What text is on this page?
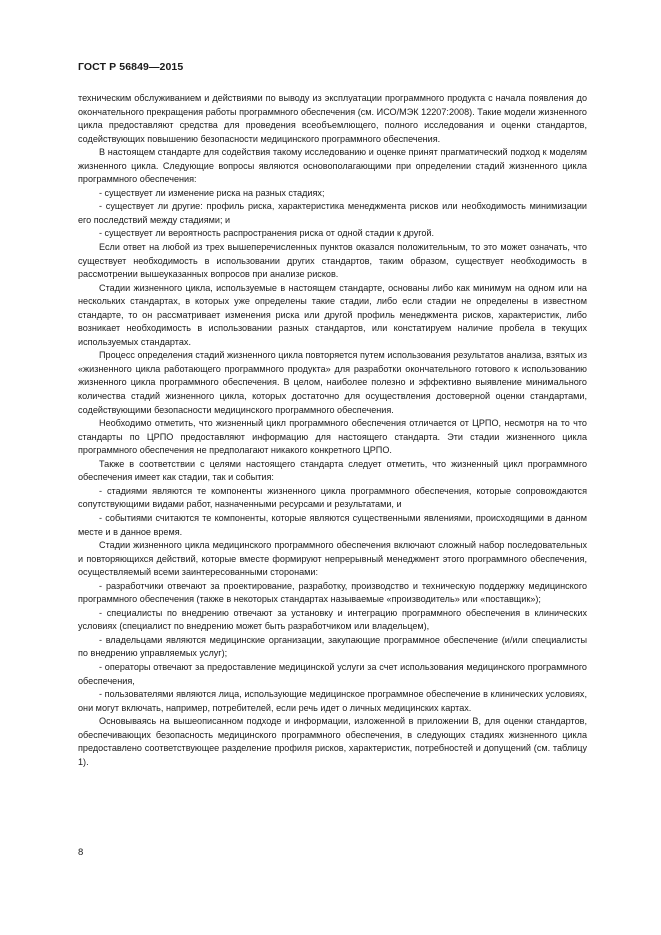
ГОСТ Р 56849—2015

техническим обслуживанием и действиями по выводу из эксплуатации программного продукта с начала появления до окончательного прекращения работы программного обеспечения (см. ИСО/МЭК 12207:2008). Такие модели жизненного цикла предоставляют средства для проведения всеобъемлющего, полного исследования и оценки стандартов, содействующих повышению безопасности медицинского программного обеспечения.

В настоящем стандарте для содействия такому исследованию и оценке принят прагматический подход к моделям жизненного цикла. Следующие вопросы являются основополагающими при определении стадий жизненного цикла программного обеспечения:

- существует ли изменение риска на разных стадиях;

- существует ли другие: профиль риска, характеристика менеджмента рисков или необходимость минимизации его последствий между стадиями; и

- существует ли вероятность распространения риска от одной стадии к другой.

Если ответ на любой из трех вышеперечисленных пунктов оказался положительным, то это может означать, что существует необходимость в использовании других стандартов, таким образом, существует необходимость в рассмотрении вышеуказанных вопросов при анализе рисков.

Стадии жизненного цикла, используемые в настоящем стандарте, основаны либо как минимум на одном или на нескольких стандартах, в которых уже определены такие стадии, либо если стадии не определены в известном стандарте, то он рассматривает изменения риска или другой профиль менеджмента рисков, характеристик, либо возникает необходимость в использовании разных стандартов, или констатируем наличие пробела в текущих используемых стандартах.

Процесс определения стадий жизненного цикла повторяется путем использования результатов анализа, взятых из «жизненного цикла работающего программного продукта» для разработки окончательного готового к использованию жизненного цикла программного обеспечения. В целом, наиболее полезно и эффективно выявление минимального количества стадий жизненного цикла, которых достаточно для осуществления достоверной оценки стандартами, содействующими безопасности медицинского программного обеспечения.

Необходимо отметить, что жизненный цикл программного обеспечения отличается от ЦРПО, несмотря на то что стандарты по ЦРПО предоставляют информацию для настоящего стандарта. Эти стадии жизненного цикла программного обеспечения не предполагают никакого конкретного ЦРПО.

Также в соответствии с целями настоящего стандарта следует отметить, что жизненный цикл программного обеспечения имеет как стадии, так и события:

- стадиями являются те компоненты жизненного цикла программного обеспечения, которые сопровождаются сопутствующими видами работ, назначенными ресурсами и результатами, и

- событиями считаются те компоненты, которые являются существенными явлениями, происходящими в данном месте и в данное время.

Стадии жизненного цикла медицинского программного обеспечения включают сложный набор последовательных и повторяющихся действий, которые вместе формируют непрерывный менеджмент этого программного обеспечения, осуществляемый всеми заинтересованными сторонами:

- разработчики отвечают за проектирование, разработку, производство и техническую поддержку медицинского программного обеспечения (также в некоторых стандартах называемые «производитель» или «поставщик»);

- специалисты по внедрению отвечают за установку и интеграцию программного обеспечения в клинических условиях (специалист по внедрению может быть разработчиком или владельцем),

- владельцами являются медицинские организации, закупающие программное обеспечение (и/или специалисты по внедрению управляемых услуг);

- операторы отвечают за предоставление медицинской услуги за счет использования медицинского программного обеспечения,

- пользователями являются лица, использующие медицинское программное обеспечение в клинических условиях, они могут включать, например, потребителей, если речь идет о личных медицинских картах.

Основываясь на вышеописанном подходе и информации, изложенной в приложении В, для оценки стандартов, обеспечивающих безопасность медицинского программного обеспечения, в следующих стадиях жизненного цикла предоставлено соответствующее разделение профиля рисков, характеристик, потребностей и допущений (см. таблицу 1).

8
